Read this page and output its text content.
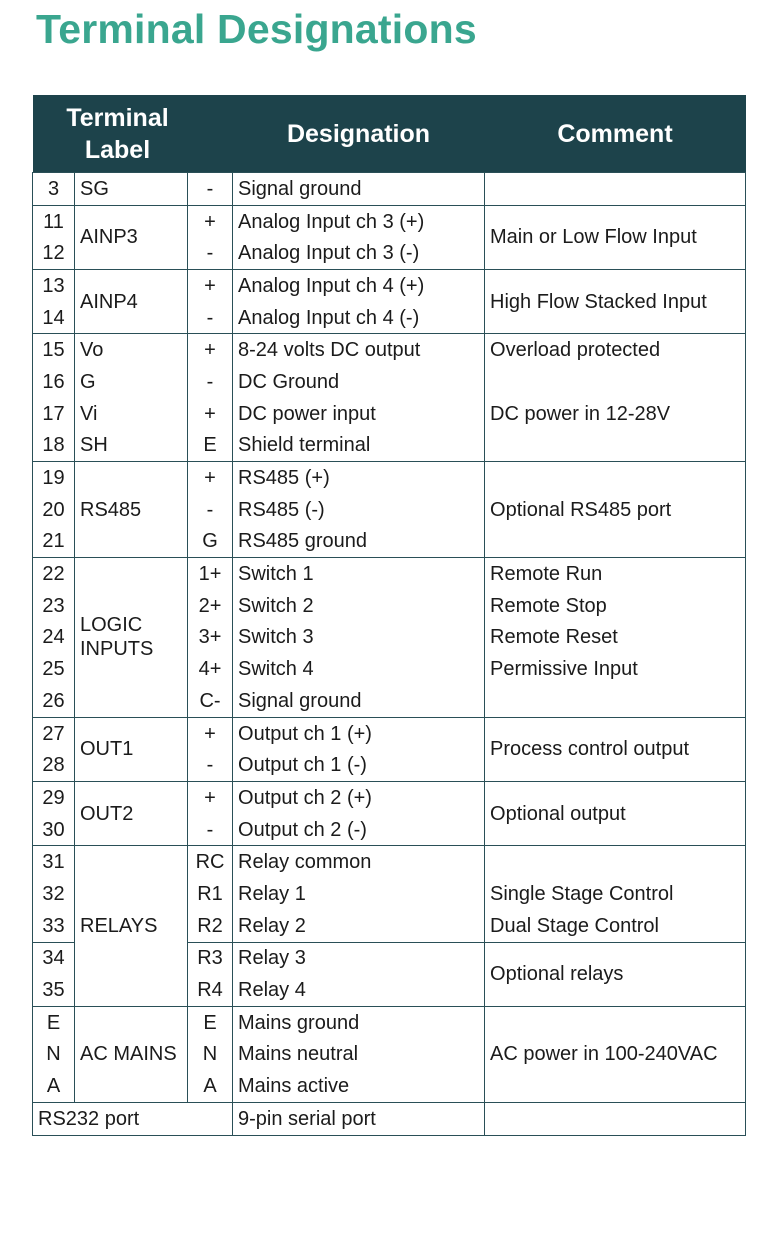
Terminal Designations
Terminal Label			Designation	Comment
3	SG	-	Signal ground	
11	AINP3	+	Analog Input ch 3 (+)	Main or Low Flow Input
12		-	Analog Input ch 3 (-)	
13	AINP4	+	Analog Input ch 4 (+)	High Flow Stacked Input
14		-	Analog Input ch 4 (-)	
15	Vo	+	8-24 volts DC output	Overload protected
16	G	-	DC Ground	DC power in 12-28V
17	Vi	+	DC power input	
18	SH	E	Shield terminal	
19	RS485	+	RS485 (+)	Optional RS485 port
20		-	RS485 (-)	
21		G	RS485 ground	
22	LOGIC INPUTS	1+	Switch 1	Remote Run
23		2+	Switch 2	Remote Stop
24		3+	Switch 3	Remote Reset
25		4+	Switch 4	Permissive Input
26		C-	Signal ground	
27	OUT1	+	Output ch 1 (+)	Process control output
28		-	Output ch 1 (-)	
29	OUT2	+	Output ch 2 (+)	Optional output
30		-	Output ch 2 (-)	
31	RELAYS	RC	Relay common	
32		R1	Relay 1	Single Stage Control
33		R2	Relay 2	Dual Stage Control
34		R3	Relay 3	Optional relays
35		R4	Relay 4	
E	AC MAINS	E	Mains ground	AC power in 100-240VAC
N		N	Mains neutral	
A		A	Mains active	
RS232 port			9-pin serial port	
